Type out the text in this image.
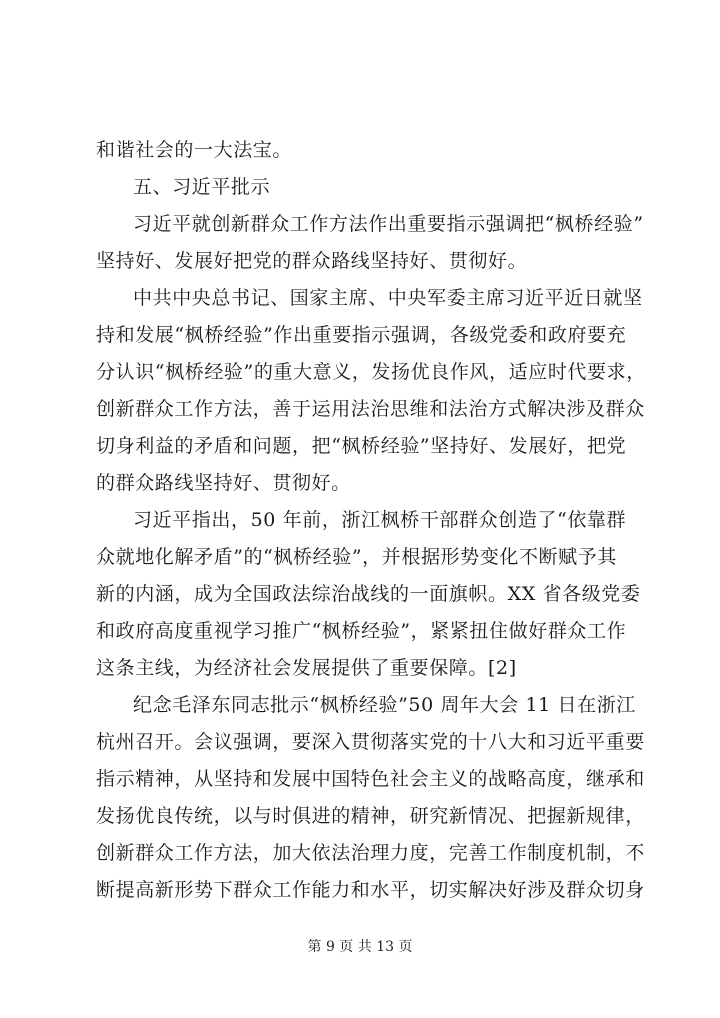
和谐社会的一大法宝。
五、习近平批示
习近平就创新群众工作方法作出重要指示强调把“枫桥经验”
坚持好、发展好把党的群众路线坚持好、贯彻好。
中共中央总书记、国家主席、中央军委主席习近平近日就坚
持和发展“枫桥经验”作出重要指示强调，各级党委和政府要充
分认识“枫桥经验”的重大意义，发扬优良作风，适应时代要求，
创新群众工作方法，善于运用法治思维和法治方式解决涉及群众
切身利益的矛盾和问题，把“枫桥经验”坚持好、发展好，把党
的群众路线坚持好、贯彻好。
习近平指出，50 年前，浙江枫桥干部群众创造了“依靠群
众就地化解矛盾”的“枫桥经验”，并根据形势变化不断赋予其
新的内涵，成为全国政法综治战线的一面旗帜。XX 省各级党委
和政府高度重视学习推广“枫桥经验”，紧紧扭住做好群众工作
这条主线，为经济社会发展提供了重要保障。[2]
纪念毛泽东同志批示“枫桥经验”50 周年大会 11 日在浙江
杭州召开。会议强调，要深入贯彻落实党的十八大和习近平重要
指示精神，从坚持和发展中国特色社会主义的战略高度，继承和
发扬优良传统，以与时俱进的精神，研究新情况、把握新规律，
创新群众工作方法，加大依法治理力度，完善工作制度机制，不
断提高新形势下群众工作能力和水平，切实解决好涉及群众切身
第 9 页 共 13 页
